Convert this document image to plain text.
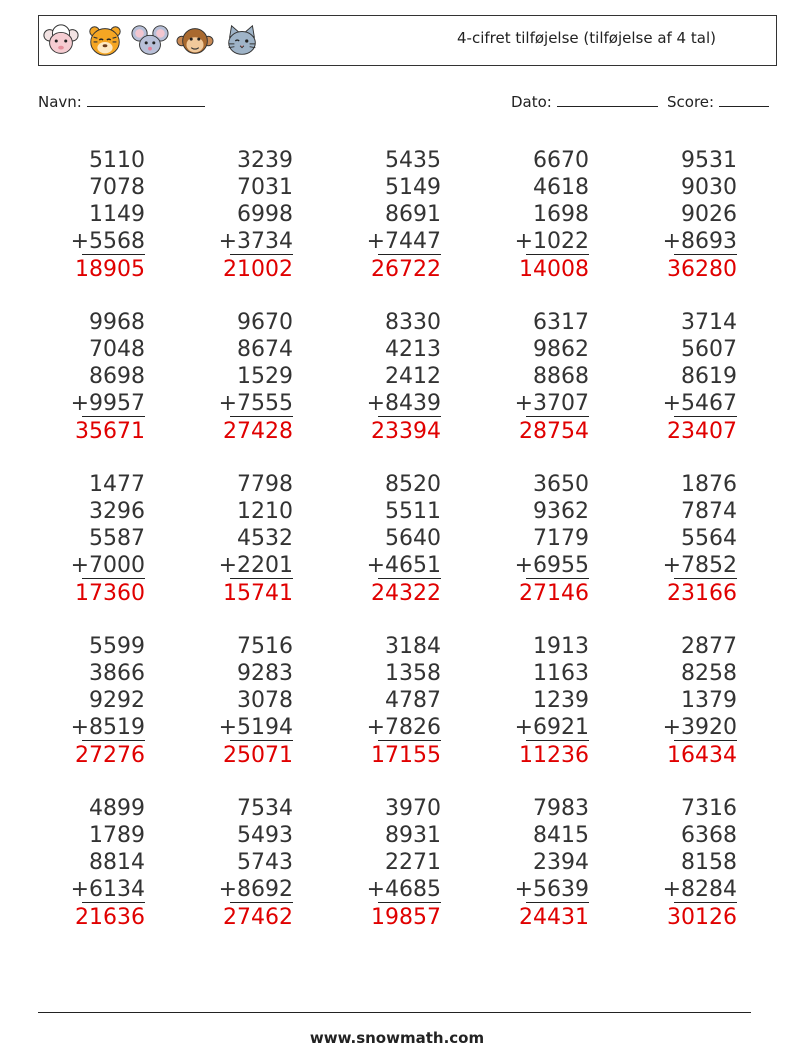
4-cifret tilføjelse (tilføjelse af 4 tal)
Navn:	Dato:	Score:
5110
7078
1149
+5568
18905
3239
7031
6998
+3734
21002
5435
5149
8691
+7447
26722
6670
4618
1698
+1022
14008
9531
9030
9026
+8693
36280
9968
7048
8698
+9957
35671
9670
8674
1529
+7555
27428
8330
4213
2412
+8439
23394
6317
9862
8868
+3707
28754
3714
5607
8619
+5467
23407
1477
3296
5587
+7000
17360
7798
1210
4532
+2201
15741
8520
5511
5640
+4651
24322
3650
9362
7179
+6955
27146
1876
7874
5564
+7852
23166
5599
3866
9292
+8519
27276
7516
9283
3078
+5194
25071
3184
1358
4787
+7826
17155
1913
1163
1239
+6921
11236
2877
8258
1379
+3920
16434
4899
1789
8814
+6134
21636
7534
5493
5743
+8692
27462
3970
8931
2271
+4685
19857
7983
8415
2394
+5639
24431
7316
6368
8158
+8284
30126
www.snowmath.com
